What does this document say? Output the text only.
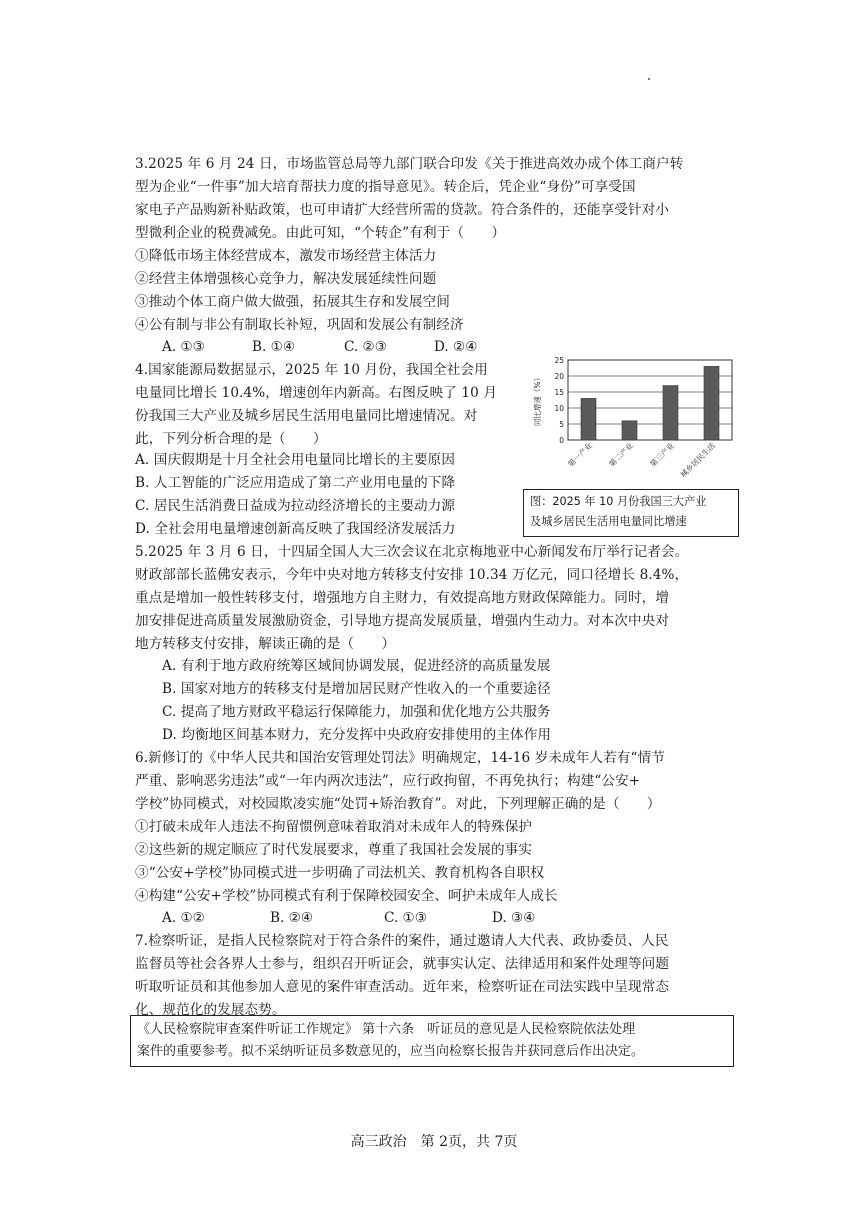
3.2025 年 6 月 24 日，市场监管总局等九部门联合印发《关于推进高效办成个体工商户转
型为企业“一件事”加大培育帮扶力度的指导意见》。转企后，凭企业“身份”可享受国
家电子产品购新补贴政策，也可申请扩大经营所需的贷款。符合条件的，还能享受针对小
型微利企业的税费减免。由此可知，“个转企”有利于（　　）
①降低市场主体经营成本，激发市场经营主体活力
②经营主体增强核心竞争力，解决发展延续性问题
③推动个体工商户做大做强，拓展其生存和发展空间
④公有制与非公有制取长补短，巩固和发展公有制经济
A. ①③	B. ①④	C. ②③	D. ②④
4.国家能源局数据显示，2025 年 10 月份，我国全社会用
电量同比增长 10.4%，增速创年内新高。右图反映了 10 月
份我国三大产业及城乡居民生活用电量同比增速情况。对
此，下列分析合理的是（　　）
A. 国庆假期是十月全社会用电量同比增长的主要原因
B. 人工智能的广泛应用造成了第二产业用电量的下降
C. 居民生活消费日益成为拉动经济增长的主要动力源
D. 全社会用电量增速创新高反映了我国经济发展活力
0
5
10
15
20
25
同比增速（%）
第一产业 第二产业 第三产业 城乡居民生活
图：2025 年 10 月份我国三大产业
及城乡居民生活用电量同比增速
5.2025 年 3 月 6 日，十四届全国人大三次会议在北京梅地亚中心新闻发布厅举行记者会。
财政部部长蓝佛安表示，今年中央对地方转移支付安排 10.34 万亿元，同口径增长 8.4%，
重点是增加一般性转移支付，增强地方自主财力，有效提高地方财政保障能力。同时，增
加安排促进高质量发展激励资金，引导地方提高发展质量，增强内生动力。对本次中央对
地方转移支付安排，解读正确的是（　　）
A. 有利于地方政府统筹区域间协调发展，促进经济的高质量发展
B. 国家对地方的转移支付是增加居民财产性收入的一个重要途径
C. 提高了地方财政平稳运行保障能力，加强和优化地方公共服务
D. 均衡地区间基本财力，充分发挥中央政府安排使用的主体作用
6.新修订的《中华人民共和国治安管理处罚法》明确规定，14-16 岁未成年人若有“情节
严重、影响恶劣违法”或“一年内两次违法”，应行政拘留，不再免执行；构建“公安+
学校”协同模式，对校园欺凌实施“处罚+矫治教育”。对此，下列理解正确的是（　　）
①打破未成年人违法不拘留惯例意味着取消对未成年人的特殊保护
②这些新的规定顺应了时代发展要求，尊重了我国社会发展的事实
③“公安+学校”协同模式进一步明确了司法机关、教育机构各自职权
④构建“公安+学校”协同模式有利于保障校园安全、呵护未成年人成长
A. ①②	B. ②④	C. ①③	D. ③④
7.检察听证，是指人民检察院对于符合条件的案件，通过邀请人大代表、政协委员、人民
监督员等社会各界人士参与，组织召开听证会，就事实认定、法律适用和案件处理等问题
听取听证员和其他参加人意见的案件审查活动。近年来，检察听证在司法实践中呈现常态
化、规范化的发展态势。
《人民检察院审查案件听证工作规定》 第十六条　听证员的意见是人民检察院依法处理
案件的重要参考。拟不采纳听证员多数意见的，应当向检察长报告并获同意后作出决定。
高三政治　第 2页，共 7页
